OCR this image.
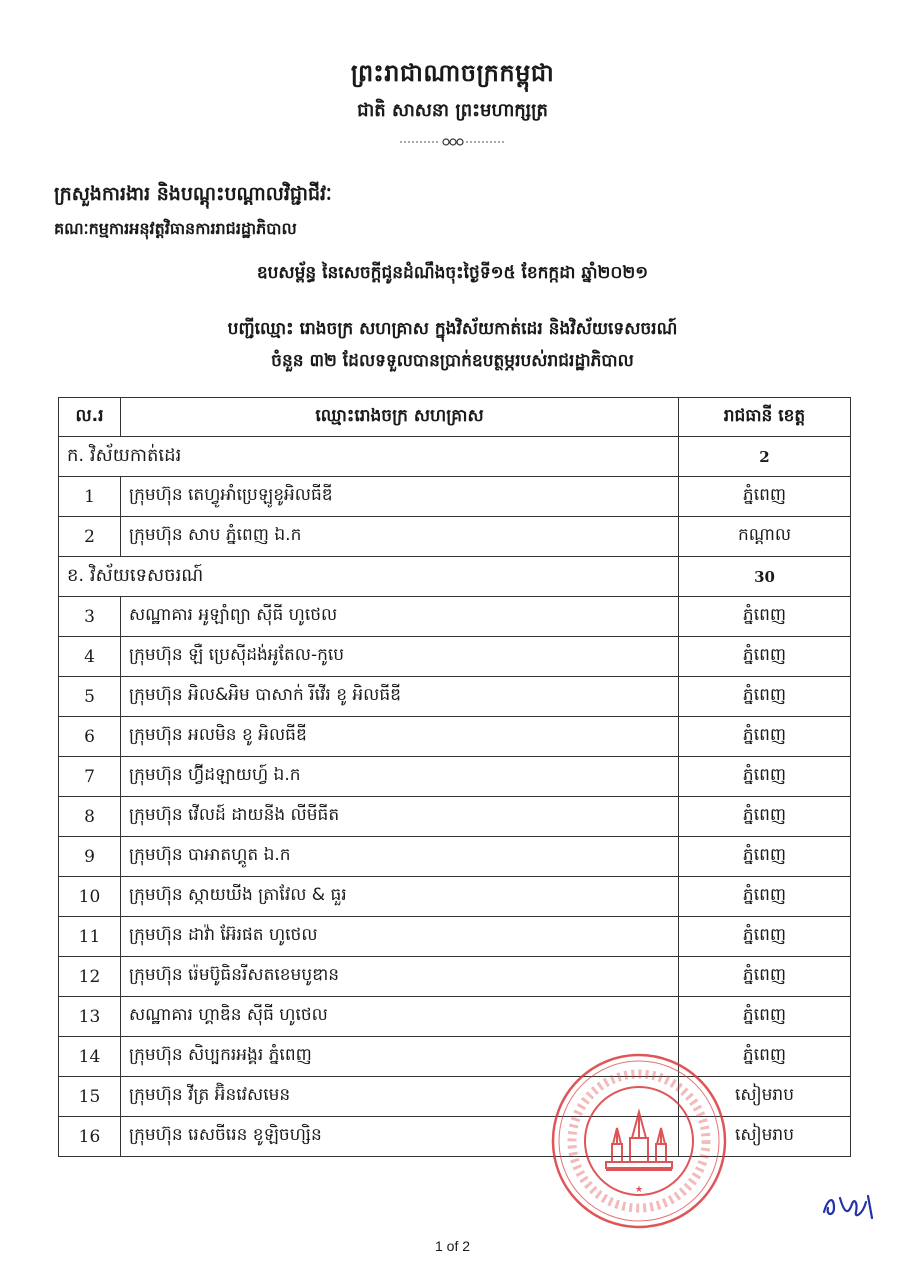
ព្រះរាជាណាចក្រកម្ពុជា
ជាតិ សាសនា ព្រះមហាក្សត្រ
ក្រសួងការងារ និងបណ្តុះបណ្តាលវិជ្ជាជីវៈ
គណៈកម្មការអនុវត្តវិធានការរាជរដ្ឋាភិបាល
ឧបសម្ព័ន្ធ នៃសេចក្តីជូនដំណឹងចុះថ្ងៃទី១៥ ខែកក្កដា ឆ្នាំ២០២១
បញ្ជីឈ្មោះ រោងចក្រ សហគ្រាស ក្នុងវិស័យកាត់ដេរ និងវិស័យទេសចរណ៍
ចំនួន ៣២ ដែលទទួលបានប្រាក់ឧបត្ថម្ភរបស់រាជរដ្ឋាភិបាល
ល.រ	ឈ្មោះរោងចក្រ សហគ្រាស	រាជធានី ខេត្ត
ក. វិស័យកាត់ដេរ		2
1	ក្រុមហ៊ុន តេហ្វូអាំប្រេឡូខូអិលធីឌី	ភ្នំពេញ
2	ក្រុមហ៊ុន សាប ភ្នំពេញ ឯ.ក	កណ្តាល
ខ. វិស័យទេសចរណ៍		30
3	សណ្ឋាគារ អូឡាំព្យា ស៊ីធី ហូថេល	ភ្នំពេញ
4	ក្រុមហ៊ុន ឡឺ ប្រេស៊ីដង់អូតែល-កូបេ	ភ្នំពេញ
5	ក្រុមហ៊ុន អិល&អិម បាសាក់ រីវើរ ខូ អិលធីឌី	ភ្នំពេញ
6	ក្រុមហ៊ុន អលមិន ខូ អិលធីឌី	ភ្នំពេញ
7	ក្រុមហ៊ុន ហ៊្វីដឡាយហ្វ៍ ឯ.ក	ភ្នំពេញ
8	ក្រុមហ៊ុន វើលដ៍ ដាយនីង លីមីធីត	ភ្នំពេញ
9	ក្រុមហ៊ុន បាអាតហ្គូត ឯ.ក	ភ្នំពេញ
10	ក្រុមហ៊ុន ស្កាយឃីង ត្រាវែល & ធួរ	ភ្នំពេញ
11	ក្រុមហ៊ុន ដាវ៉ា អ៊ែរផត ហូថេល	ភ្នំពេញ
12	ក្រុមហ៊ុន រ៉េមប៊ូធិនរីសតខេមបូឌាន	ភ្នំពេញ
13	សណ្ឋាគារ ហ្គាឌិន ស៊ីធី ហូថេល	ភ្នំពេញ
14	ក្រុមហ៊ុន សិប្បករអង្គរ ភ្នំពេញ	ភ្នំពេញ
15	ក្រុមហ៊ុន វីត្រ អ៊ិនវេសមេន	សៀមរាប
16	ក្រុមហ៊ុន រេសចីរេន ខូឡិចហ្សិន	សៀមរាប
★
1 of 2
